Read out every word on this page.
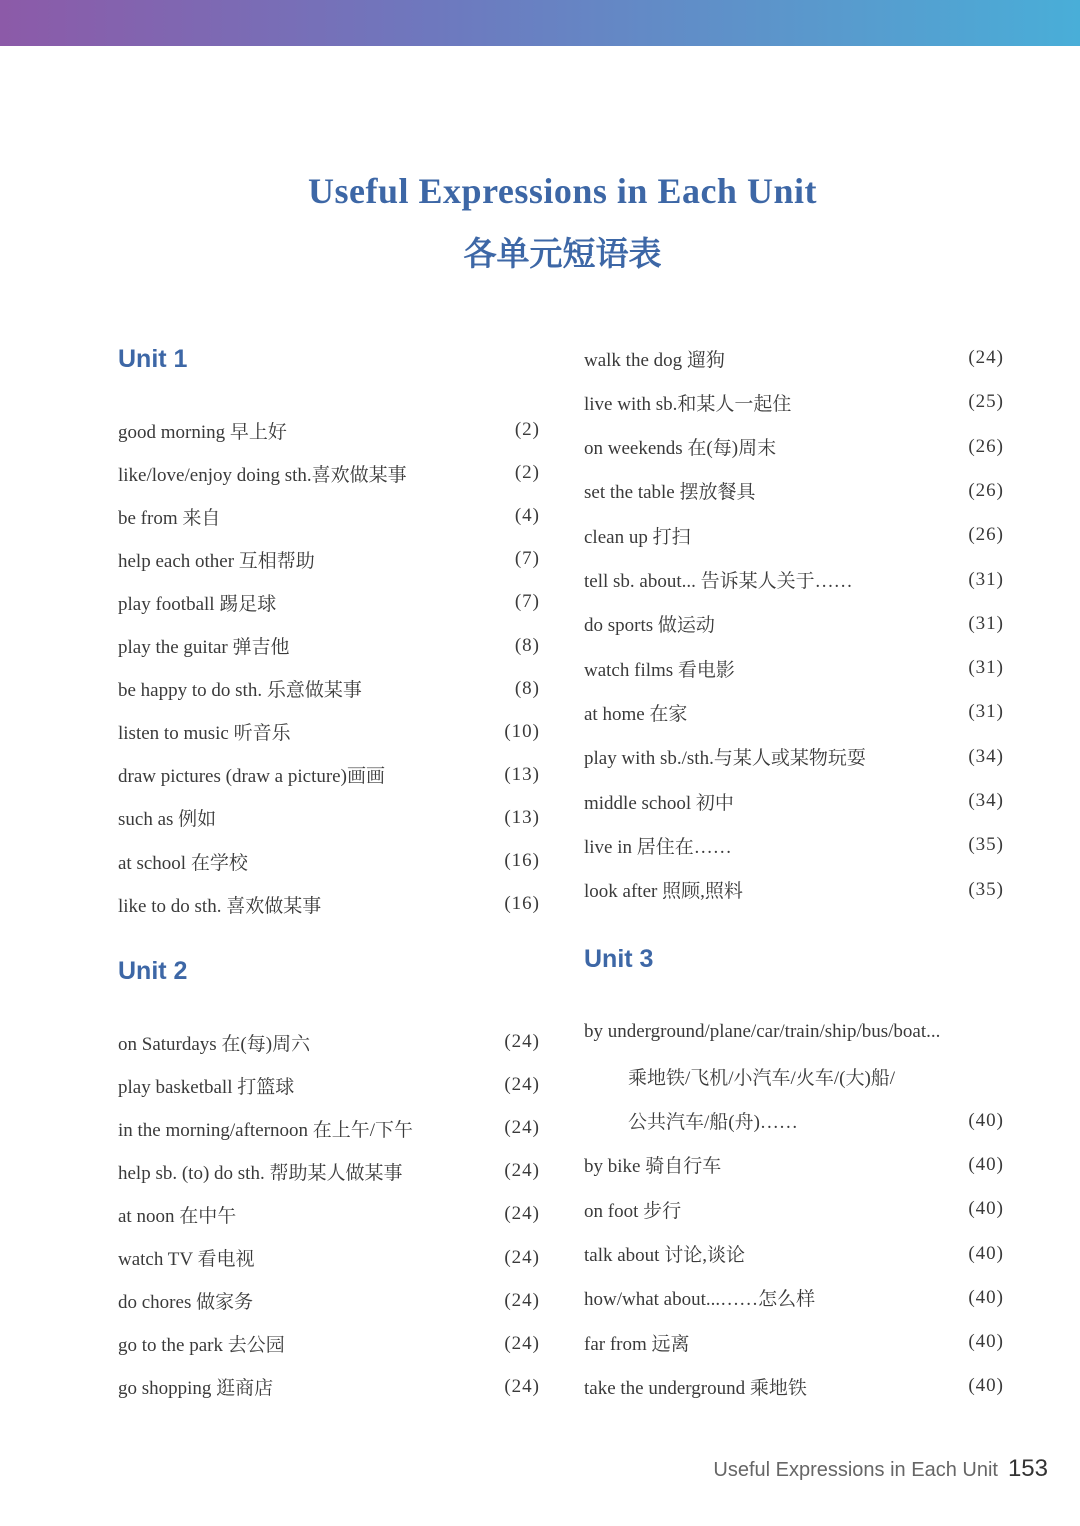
Useful Expressions in Each Unit
各单元短语表
Unit 1
good morning 早上好	(2)
like/love/enjoy doing sth.喜欢做某事	(2)
be from 来自	(4)
help each other 互相帮助	(7)
play football 踢足球	(7)
play the guitar 弹吉他	(8)
be happy to do sth. 乐意做某事	(8)
listen to music 听音乐	(10)
draw pictures (draw a picture)画画	(13)
such as 例如	(13)
at school 在学校	(16)
like to do sth. 喜欢做某事	(16)
Unit 2
on Saturdays 在(每)周六	(24)
play basketball 打篮球	(24)
in the morning/afternoon 在上午/下午	(24)
help sb. (to) do sth. 帮助某人做某事	(24)
at noon 在中午	(24)
watch TV 看电视	(24)
do chores 做家务	(24)
go to the park 去公园	(24)
go shopping 逛商店	(24)
walk the dog 遛狗	(24)
live with sb.和某人一起住	(25)
on weekends 在(每)周末	(26)
set the table 摆放餐具	(26)
clean up 打扫	(26)
tell sb. about... 告诉某人关于……	(31)
do sports 做运动	(31)
watch films 看电影	(31)
at home 在家	(31)
play with sb./sth.与某人或某物玩耍	(34)
middle school 初中	(34)
live in 居住在……	(35)
look after 照顾,照料	(35)
Unit 3
by underground/plane/car/train/ship/bus/boat...
乘地铁/飞机/小汽车/火车/(大)船/
公共汽车/船(舟)……	(40)
by bike 骑自行车	(40)
on foot 步行	(40)
talk about 讨论,谈论	(40)
how/what about...……怎么样	(40)
far from 远离	(40)
take the underground 乘地铁	(40)
Useful Expressions in Each Unit 153
